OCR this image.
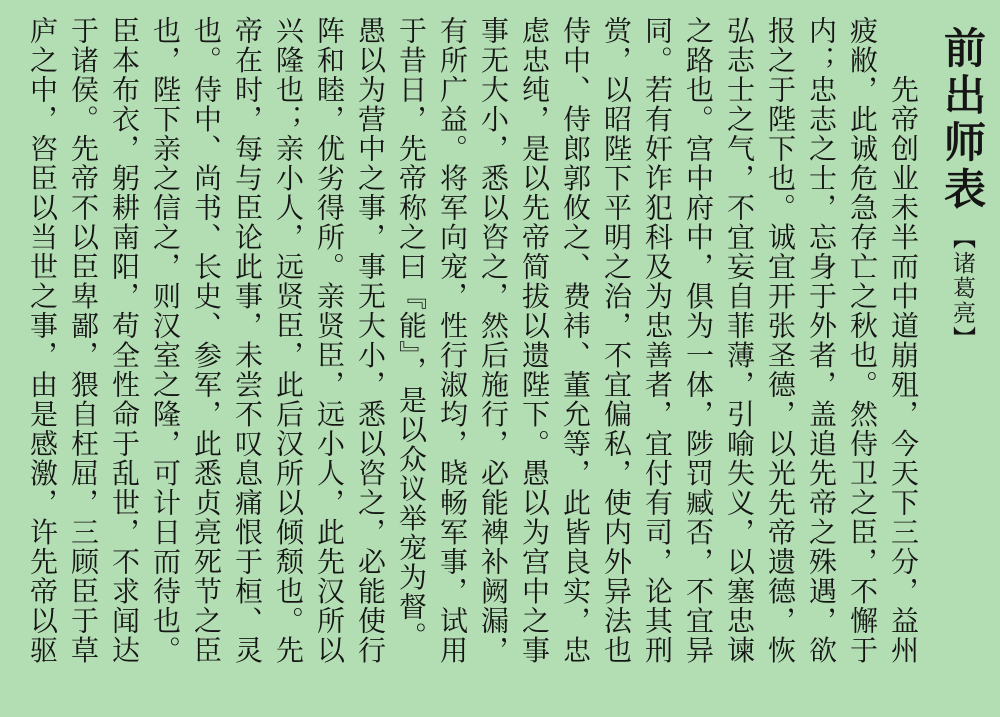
前出师表【诸葛亮】
　　先帝创业未半而中道崩殂，今天下三分，益州
疲敝，此诚危急存亡之秋也。然侍卫之臣，不懈于
内；忠志之士，忘身于外者，盖追先帝之殊遇，欲
报之于陛下也。诚宜开张圣德，以光先帝遗德，恢
弘志士之气，不宜妄自菲薄，引喻失义，以塞忠谏
之路也。宫中府中，俱为一体，陟罚臧否，不宜异
同。若有奸诈犯科及为忠善者，宜付有司，论其刑
赏，以昭陛下平明之治，不宜偏私，使内外异法也
侍中、侍郎郭攸之、费祎、董允等，此皆良实，忠
虑忠纯，是以先帝简拔以遗陛下。愚以为宫中之事
事无大小，悉以咨之，然后施行，必能裨补阙漏，
有所广益。将军向宠，性行淑均，晓畅军事，试用
于昔日，先帝称之曰『能』，是以众议举宠为督。
愚以为营中之事，事无大小，悉以咨之，必能使行
阵和睦，优劣得所。亲贤臣，远小人，此先汉所以
兴隆也；亲小人，远贤臣，此后汉所以倾颓也。先
帝在时，每与臣论此事，未尝不叹息痛恨于桓、灵
也。侍中、尚书、长史、参军，此悉贞亮死节之臣
也，陛下亲之信之，则汉室之隆，可计日而待也。
臣本布衣，躬耕南阳，苟全性命于乱世，不求闻达
于诸侯。先帝不以臣卑鄙，猥自枉屈，三顾臣于草
庐之中，咨臣以当世之事，由是感激，许先帝以驱
